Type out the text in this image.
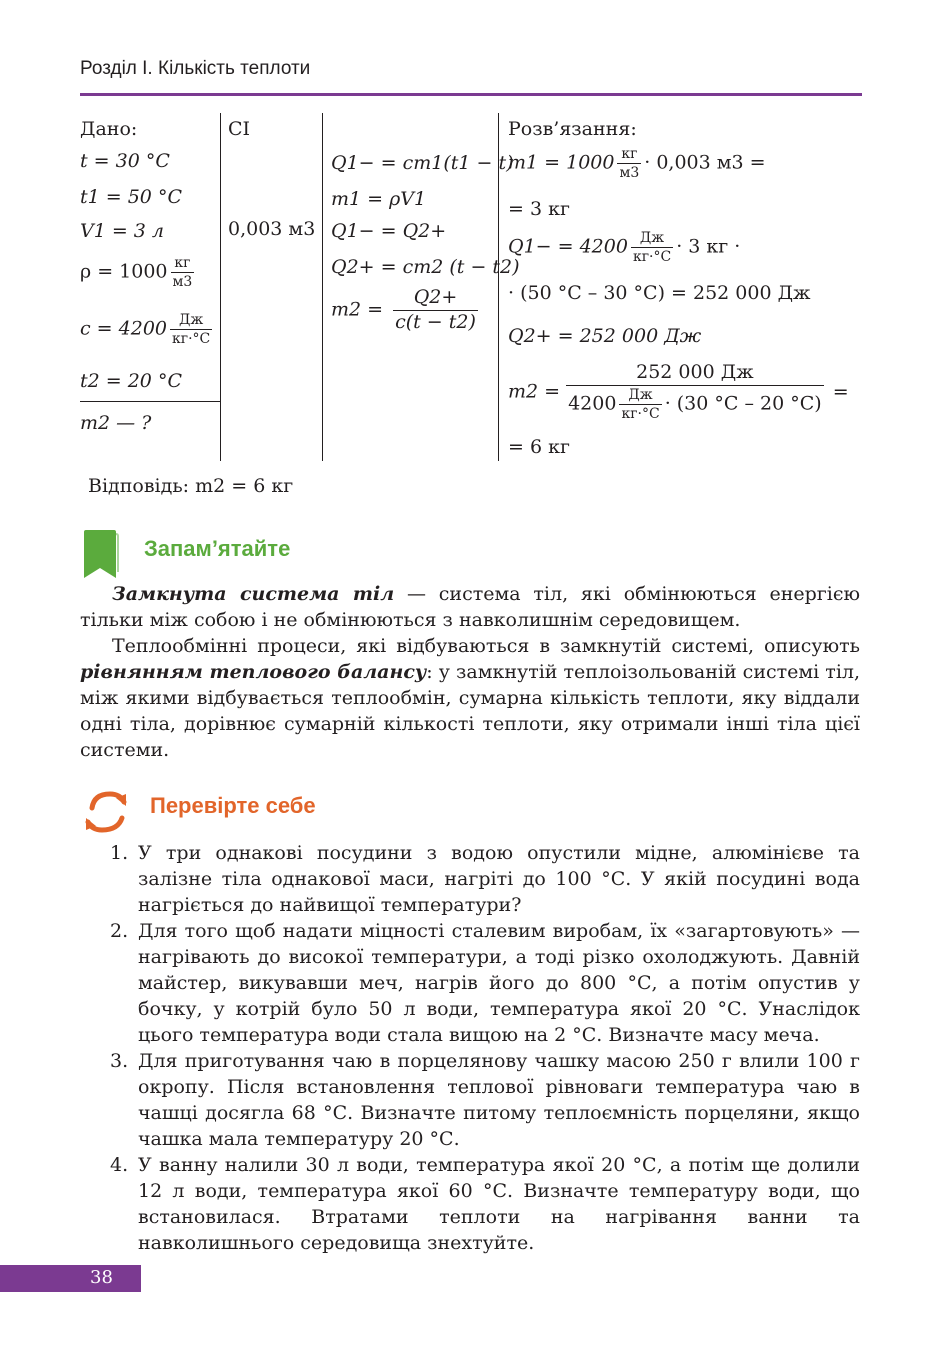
Розділ І. Кількість теплоти
Дано:
t = 30 °C
t1 = 50 °C
V1 = 3 л
$\rho = 1000 \frac{кг}{м3}$
$c = 4200 \frac{Дж}{кг\cdot^\circ C}$
t2 = 20 °C
m2 — ?
СІ
0,003 м3
Q1− = cm1(t1 − t)
m1 = ρV1
Q1− = Q2+
Q2+ = cm2 (t − t2)
$m2 = \frac{Q2+}{c(t - t2)}$
Розв’язання:
$m1 = 1000 \frac{кг}{м3} \cdot 0,003$ м3 =
= 3 кг
$Q1- = 4200 \frac{Дж}{кг\cdot^\circ C} \cdot 3$ кг ·
· (50 °C – 30 °C) = 252 000 Дж
Q2+ = 252 000 Дж
$m2 = \frac{252 000 Дж}{4200 \frac{Дж}{кг\cdot^\circ C} \cdot (30 ^\circ C - 20 ^\circ C)}$ =
= 6 кг
Відповідь: m2 = 6 кг
Запам’ятайте
Замкнута система тіл — система тіл, які обмінюються енергією тільки між собою і не обмінюються з навколишнім середовищем.
Теплообмінні процеси, які відбуваються в замкнутій системі, описують рівнянням теплового балансу: у замкнутій теплоізольованій системі тіл, між якими відбувається теплообмін, сумарна кількість теплоти, яку віддали одні тіла, дорівнює сумарній кількості теплоти, яку отримали інші тіла цієї системи.
Перевірте себе
1. У три однакові посудини з водою опустили мідне, алюмінієве та залізне тіла однакової маси, нагріті до 100 °С. У якій посудині вода нагріється до найвищої температури?
2. Для того щоб надати міцності сталевим виробам, їх «загартовують» — нагрівають до високої температури, а тоді різко охолоджують. Давній майстер, викувавши меч, нагрів його до 800 °С, а потім опустив у бочку, у котрій було 50 л води, температура якої 20 °С. Унаслідок цього температура води стала вищою на 2 °С. Визначте масу меча.
3. Для приготування чаю в порцелянову чашку масою 250 г влили 100 г окропу. Після встановлення теплової рівноваги температура чаю в чашці досягла 68 °С. Визначте питому теплоємність порцеляни, якщо чашка мала температуру 20 °С.
4. У ванну налили 30 л води, температура якої 20 °С, а потім ще долили 12 л води, температура якої 60 °С. Визначте температуру води, що встановилася. Втратами теплоти на нагрівання ванни та навколишнього середовища знехтуйте.
38
